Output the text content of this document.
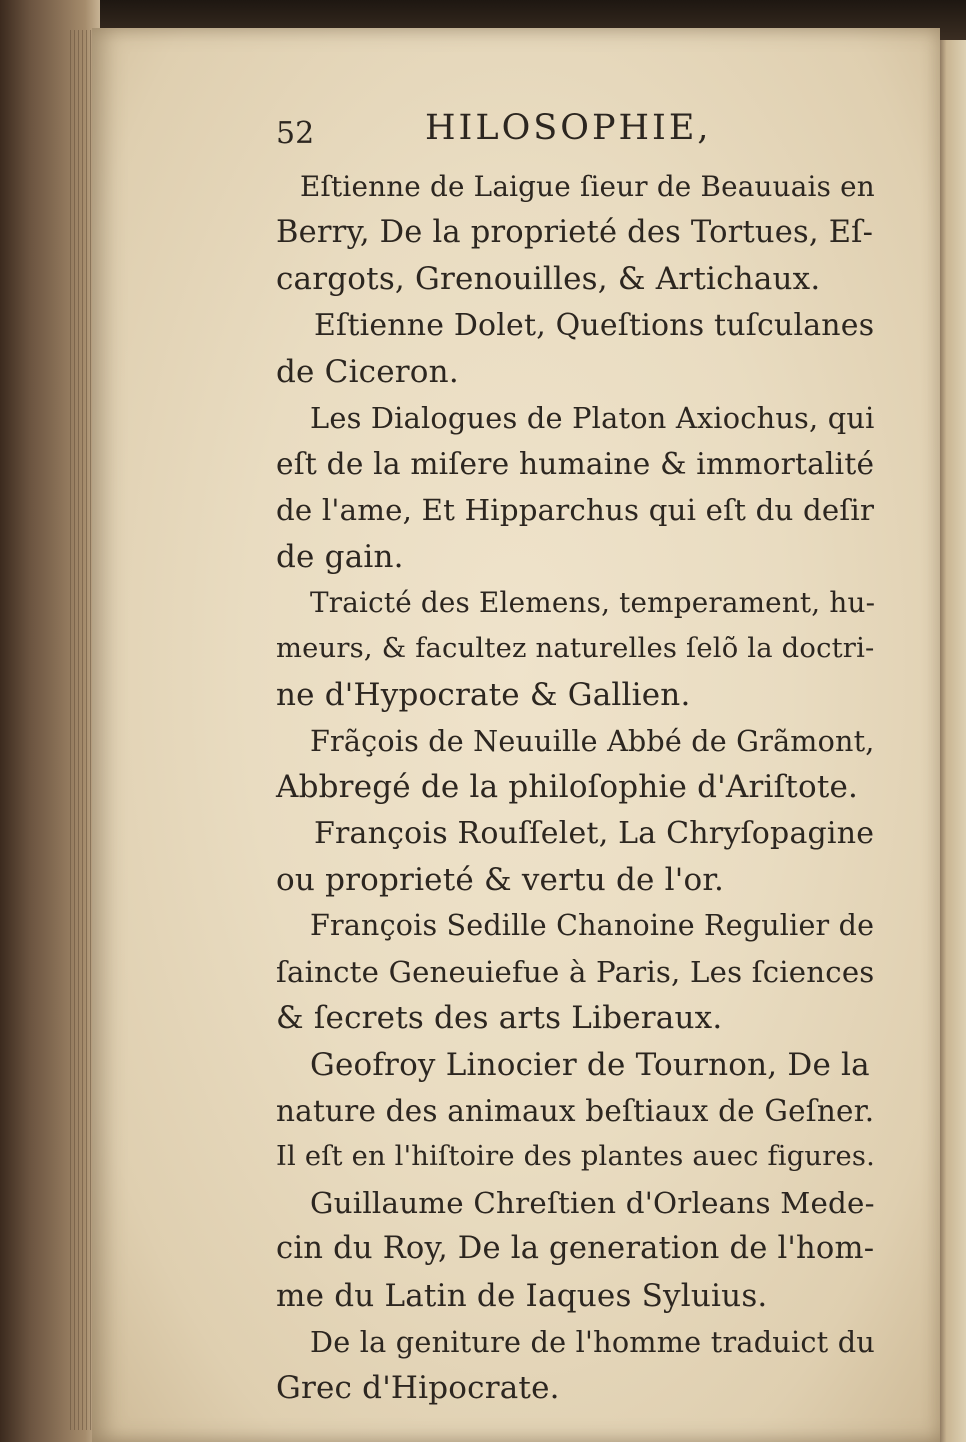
52	HILOSOPHIE,
Eſtienne de Laigue ſieur de Beauuais en
Berry, De la proprieté des Tortues, Eſ-
cargots, Grenouilles, & Artichaux.
Eſtienne Dolet, Queſtions tuſculanes
de Ciceron.
Les Dialogues de Platon Axiochus, qui
eſt de la miſere humaine & immortalité
de l'ame, Et Hipparchus qui eſt du deſir
de gain.
Traicté des Elemens, temperament, hu-
meurs, & facultez naturelles ſelõ la doctri-
ne d'Hypocrate & Gallien.
Frãçois de Neuuille Abbé de Grãmont,
Abbregé de la philoſophie d'Ariſtote.
François Rouſſelet, La Chryſopagine
ou proprieté & vertu de l'or.
François Sedille Chanoine Regulier de
ſaincte Geneuiefue à Paris, Les ſciences
& ſecrets des arts Liberaux.
Geofroy Linocier de Tournon, De la
nature des animaux beſtiaux de Geſner.
Il eſt en l'hiſtoire des plantes auec figures.
Guillaume Chreſtien d'Orleans Mede-
cin du Roy, De la generation de l'hom-
me du Latin de Iaques Syluius.
De la geniture de l'homme traduict du
Grec d'Hipocrate.
